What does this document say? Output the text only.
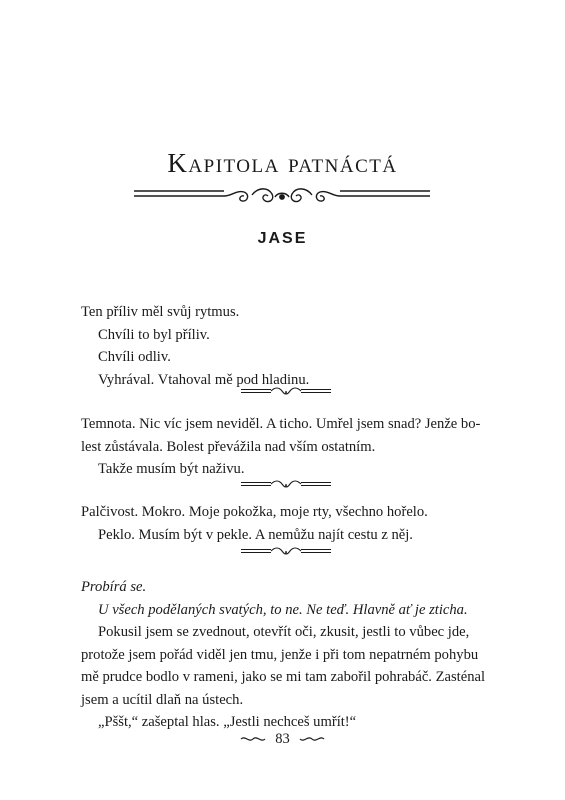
Kapitola patnáctá
JASE
Ten příliv měl svůj rytmus.
Chvíli to byl příliv.
Chvíli odliv.
Vyhrával. Vtahoval mě pod hladinu.
Temnota. Nic víc jsem neviděl. A ticho. Umřel jsem snad? Jenže bo-
lest zůstávala. Bolest převážila nad vším ostatním.
Takže musím být naživu.
Palčivost. Mokro. Moje pokožka, moje rty, všechno hořelo.
Peklo. Musím být v pekle. A nemůžu najít cestu z něj.
Probírá se.
U všech podělaných svatých, to ne. Ne teď. Hlavně ať je zticha.
Pokusil jsem se zvednout, otevřít oči, zkusit, jestli to vůbec jde,
protože jsem pořád viděl jen tmu, jenže i při tom nepatrném pohybu
mě prudce bodlo v rameni, jako se mi tam zabořil pohrabáč. Zasténal
jsem a ucítil dlaň na ústech.
„Pššt,“ zašeptal hlas. „Jestli nechceš umřít!“
83
